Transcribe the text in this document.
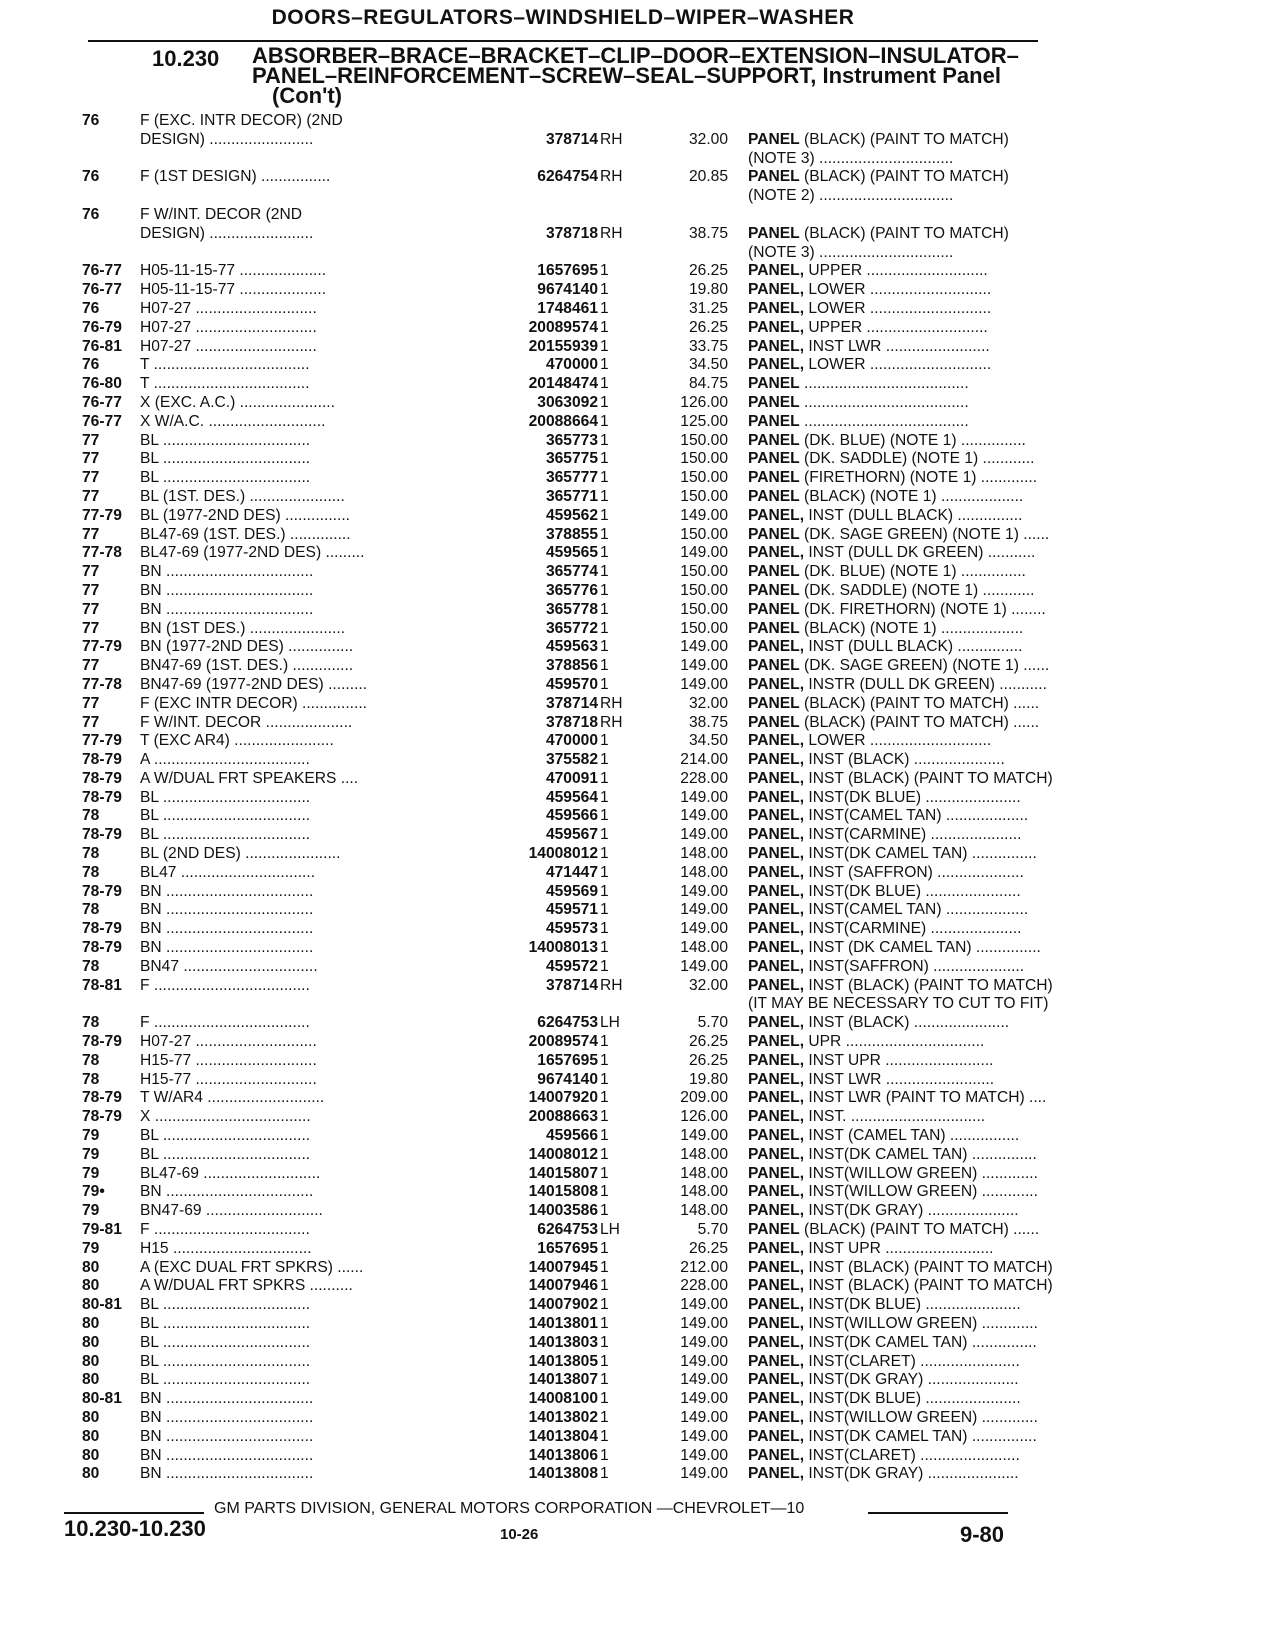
DOORS–REGULATORS–WINDSHIELD–WIPER–WASHER
10.230 ABSORBER–BRACE–BRACKET–CLIP–DOOR–EXTENSION–INSULATOR–
PANEL–REINFORCEMENT–SCREW–SEAL–SUPPORT, Instrument Panel
(Con't)
76	F (EXC. INTR DECOR) (2ND
DESIGN) ........................	378714 RH	32.00 PANEL (BLACK) (PAINT TO MATCH)
(NOTE 3) ...............................
76	F (1ST DESIGN) ................	6264754 RH	20.85 PANEL (BLACK) (PAINT TO MATCH)
(NOTE 2) ...............................
76	F W/INT. DECOR (2ND
DESIGN) ........................	378718 RH	38.75 PANEL (BLACK) (PAINT TO MATCH)
(NOTE 3) ...............................
76-77	H05-11-15-77 ....................	1657695 1	26.25 PANEL, UPPER ............................
76-77	H05-11-15-77 ....................	9674140 1	19.80 PANEL, LOWER ............................
76	H07-27 ............................	1748461 1	31.25 PANEL, LOWER ............................
76-79	H07-27 ............................	20089574 1	26.25 PANEL, UPPER ............................
76-81	H07-27 ............................	20155939 1	33.75 PANEL, INST LWR ........................
76	T ....................................	470000 1	34.50 PANEL, LOWER ............................
76-80	T ....................................	20148474 1	84.75 PANEL ......................................
76-77	X (EXC. A.C.) ......................	3063092 1	126.00 PANEL ......................................
76-77	X W/A.C. ...........................	20088664 1	125.00 PANEL ......................................
77	BL ..................................	365773 1	150.00 PANEL (DK. BLUE) (NOTE 1) ...............
77	BL ..................................	365775 1	150.00 PANEL (DK. SADDLE) (NOTE 1) ............
77	BL ..................................	365777 1	150.00 PANEL (FIRETHORN) (NOTE 1) .............
77	BL (1ST. DES.) ......................	365771 1	150.00 PANEL (BLACK) (NOTE 1) ...................
77-79	BL (1977-2ND DES) ...............	459562 1	149.00 PANEL, INST (DULL BLACK) ...............
77	BL47-69 (1ST. DES.) ..............	378855 1	150.00 PANEL (DK. SAGE GREEN) (NOTE 1) ......
77-78	BL47-69 (1977-2ND DES) .........	459565 1	149.00 PANEL, INST (DULL DK GREEN) ...........
77	BN ..................................	365774 1	150.00 PANEL (DK. BLUE) (NOTE 1) ...............
77	BN ..................................	365776 1	150.00 PANEL (DK. SADDLE) (NOTE 1) ............
77	BN ..................................	365778 1	150.00 PANEL (DK. FIRETHORN) (NOTE 1) ........
77	BN (1ST DES.) ......................	365772 1	150.00 PANEL (BLACK) (NOTE 1) ...................
77-79	BN (1977-2ND DES) ...............	459563 1	149.00 PANEL, INST (DULL BLACK) ...............
77	BN47-69 (1ST. DES.) ..............	378856 1	149.00 PANEL (DK. SAGE GREEN) (NOTE 1) ......
77-78	BN47-69 (1977-2ND DES) .........	459570 1	149.00 PANEL, INSTR (DULL DK GREEN) ...........
77	F (EXC INTR DECOR) ...............	378714 RH	32.00 PANEL (BLACK) (PAINT TO MATCH) ......
77	F W/INT. DECOR ....................	378718 RH	38.75 PANEL (BLACK) (PAINT TO MATCH) ......
77-79	T (EXC AR4) .......................	470000 1	34.50 PANEL, LOWER ............................
78-79	A ....................................	375582 1	214.00 PANEL, INST (BLACK) .....................
78-79	A W/DUAL FRT SPEAKERS ....	470091 1	228.00 PANEL, INST (BLACK) (PAINT TO MATCH)
78-79	BL ..................................	459564 1	149.00 PANEL, INST(DK BLUE) ......................
78	BL ..................................	459566 1	149.00 PANEL, INST(CAMEL TAN) ...................
78-79	BL ..................................	459567 1	149.00 PANEL, INST(CARMINE) .....................
78	BL (2ND DES) ......................	14008012 1	148.00 PANEL, INST(DK CAMEL TAN) ...............
78	BL47 ...............................	471447 1	148.00 PANEL, INST (SAFFRON) ....................
78-79	BN ..................................	459569 1	149.00 PANEL, INST(DK BLUE) ......................
78	BN ..................................	459571 1	149.00 PANEL, INST(CAMEL TAN) ...................
78-79	BN ..................................	459573 1	149.00 PANEL, INST(CARMINE) .....................
78-79	BN ..................................	14008013 1	148.00 PANEL, INST (DK CAMEL TAN) ...............
78	BN47 ...............................	459572 1	149.00 PANEL, INST(SAFFRON) .....................
78-81	F ....................................	378714 RH	32.00 PANEL, INST (BLACK) (PAINT TO MATCH)
(IT MAY BE NECESSARY TO CUT TO FIT)
78	F ....................................	6264753 LH	5.70 PANEL, INST (BLACK) ......................
78-79	H07-27 ............................	20089574 1	26.25 PANEL, UPR ................................
78	H15-77 ............................	1657695 1	26.25 PANEL, INST UPR .........................
78	H15-77 ............................	9674140 1	19.80 PANEL, INST LWR .........................
78-79	T W/AR4 ...........................	14007920 1	209.00 PANEL, INST LWR (PAINT TO MATCH) ....
78-79	X ....................................	20088663 1	126.00 PANEL, INST. ...............................
79	BL ..................................	459566 1	149.00 PANEL, INST (CAMEL TAN) ................
79	BL ..................................	14008012 1	148.00 PANEL, INST(DK CAMEL TAN) ...............
79	BL47-69 ...........................	14015807 1	148.00 PANEL, INST(WILLOW GREEN) .............
79•	BN ..................................	14015808 1	148.00 PANEL, INST(WILLOW GREEN) .............
79	BN47-69 ...........................	14003586 1	148.00 PANEL, INST(DK GRAY) .....................
79-81	F ....................................	6264753 LH	5.70 PANEL (BLACK) (PAINT TO MATCH) ......
79	H15 ................................	1657695 1	26.25 PANEL, INST UPR .........................
80	A (EXC DUAL FRT SPKRS) ......	14007945 1	212.00 PANEL, INST (BLACK) (PAINT TO MATCH)
80	A W/DUAL FRT SPKRS ..........	14007946 1	228.00 PANEL, INST (BLACK) (PAINT TO MATCH)
80-81	BL ..................................	14007902 1	149.00 PANEL, INST(DK BLUE) ......................
80	BL ..................................	14013801 1	149.00 PANEL, INST(WILLOW GREEN) .............
80	BL ..................................	14013803 1	149.00 PANEL, INST(DK CAMEL TAN) ...............
80	BL ..................................	14013805 1	149.00 PANEL, INST(CLARET) .......................
80	BL ..................................	14013807 1	149.00 PANEL, INST(DK GRAY) .....................
80-81	BN ..................................	14008100 1	149.00 PANEL, INST(DK BLUE) ......................
80	BN ..................................	14013802 1	149.00 PANEL, INST(WILLOW GREEN) .............
80	BN ..................................	14013804 1	149.00 PANEL, INST(DK CAMEL TAN) ...............
80	BN ..................................	14013806 1	149.00 PANEL, INST(CLARET) .......................
80	BN ..................................	14013808 1	149.00 PANEL, INST(DK GRAY) .....................
GM PARTS DIVISION, GENERAL MOTORS CORPORATION —CHEVROLET—10
10.230-10.230	10-26	9-80
